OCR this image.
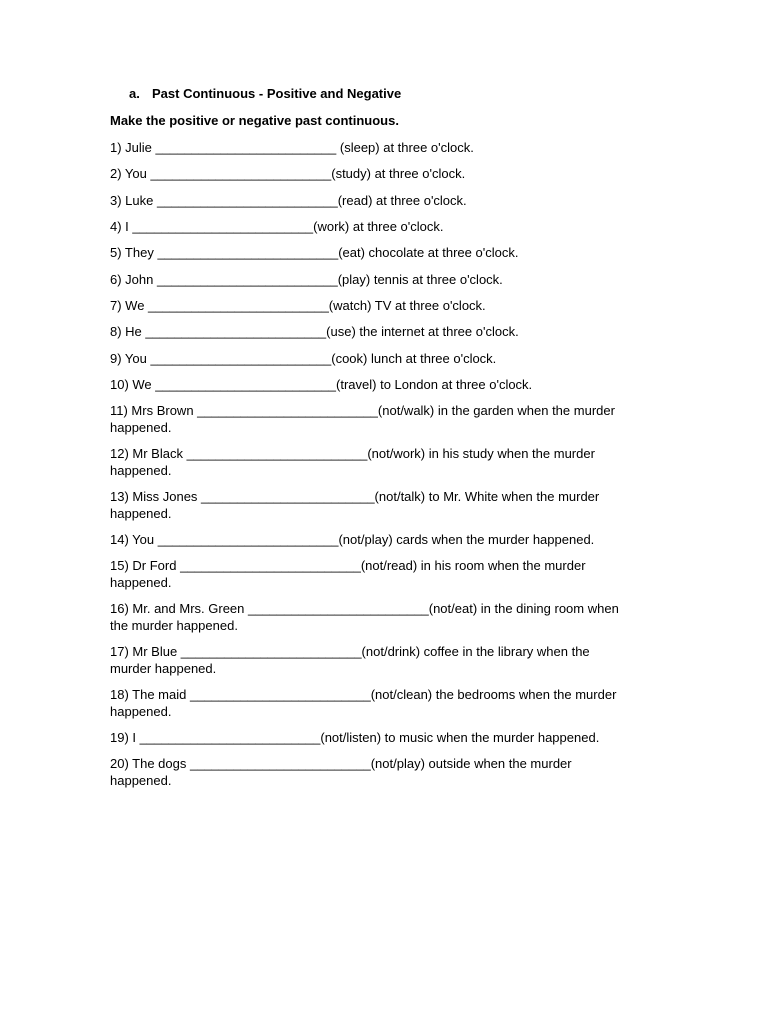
a. Past Continuous - Positive and Negative
Make the positive or negative past continuous.
1) Julie _________________________ (sleep) at three o'clock.
2) You _________________________(study) at three o'clock.
3) Luke _________________________(read) at three o'clock.
4) I _________________________(work) at three o'clock.
5) They _________________________(eat) chocolate at three o'clock.
6) John _________________________(play) tennis at three o'clock.
7) We _________________________(watch) TV at three o'clock.
8) He _________________________(use) the internet at three o'clock.
9) You _________________________(cook) lunch at three o'clock.
10) We _________________________(travel) to London at three o'clock.
11) Mrs Brown _________________________(not/walk) in the garden when the murder
happened.
12) Mr Black _________________________(not/work) in his study when the murder
happened.
13) Miss Jones ________________________(not/talk) to Mr. White when the murder
happened.
14) You _________________________(not/play) cards when the murder happened.
15) Dr Ford _________________________(not/read) in his room when the murder
happened.
16) Mr. and Mrs. Green _________________________(not/eat) in the dining room when
the murder happened.
17) Mr Blue _________________________(not/drink) coffee in the library when the
murder happened.
18) The maid _________________________(not/clean) the bedrooms when the murder
happened.
19) I _________________________(not/listen) to music when the murder happened.
20) The dogs _________________________(not/play) outside when the murder
happened.
